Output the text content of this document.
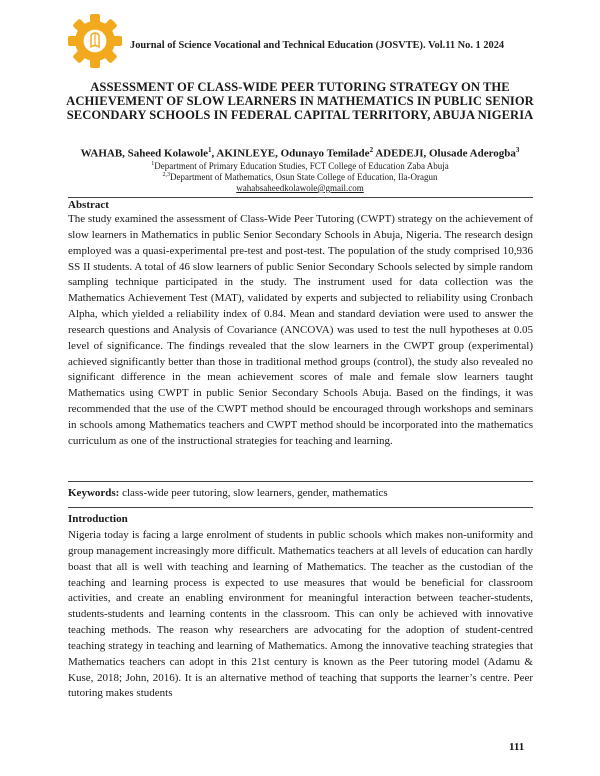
Journal of Science Vocational and Technical Education (JOSVTE). Vol.11 No. 1 2024
ASSESSMENT OF CLASS-WIDE PEER TUTORING STRATEGY ON THE ACHIEVEMENT OF SLOW LEARNERS IN MATHEMATICS IN PUBLIC SENIOR SECONDARY SCHOOLS IN FEDERAL CAPITAL TERRITORY, ABUJA NIGERIA
WAHAB, Saheed Kolawole$^1$, AKINLEYE, Odunayo Temilade$^2$ ADEDEJI, Olusade Aderogba$^3$
$^1$Department of Primary Education Studies, FCT College of Education Zaba Abuja
$^{2,3}$Department of Mathematics, Osun State College of Education, Ila-Oragun
wahabsaheedkolawole@gmail.com
Abstract

The study examined the assessment of Class-Wide Peer Tutoring (CWPT) strategy on the achievement of slow learners in Mathematics in public Senior Secondary Schools in Abuja, Nigeria. The research design employed was a quasi-experimental pre-test and post-test. The population of the study comprised 10,936 SS II students. A total of 46 slow learners of public Senior Secondary Schools selected by simple random sampling technique participated in the study. The instrument used for data collection was the Mathematics Achievement Test (MAT), validated by experts and subjected to reliability using Cronbach Alpha, which yielded a reliability index of 0.84. Mean and standard deviation were used to answer the research questions and Analysis of Covariance (ANCOVA) was used to test the null hypotheses at 0.05 level of significance. The findings revealed that the slow learners in the CWPT group (experimental) achieved significantly better than those in traditional method groups (control), the study also revealed no significant difference in the mean achievement scores of male and female slow learners taught Mathematics using CWPT in public Senior Secondary Schools Abuja. Based on the findings, it was recommended that the use of the CWPT method should be encouraged through workshops and seminars in schools among Mathematics teachers and CWPT method should be incorporated into the mathematics curriculum as one of the instructional strategies for teaching and learning.

Keywords: class-wide peer tutoring, slow learners, gender, mathematics
Introduction

Nigeria today is facing a large enrolment of students in public schools which makes non-uniformity and group management increasingly more difficult. Mathematics teachers at all levels of education can hardly boast that all is well with teaching and learning of Mathematics. The teacher as the custodian of the teaching and learning process is expected to use measures that would be beneficial for classroom activities, and create an enabling environment for meaningful interaction between teacher-students, students-students and learning contents in the classroom. This can only be achieved with innovative teaching methods. The reason why researchers are advocating for the adoption of student-centred teaching strategy in teaching and learning of Mathematics. Among the innovative teaching strategies that Mathematics teachers can adopt in this 21st century is known as the Peer tutoring model (Adamu & Kuse, 2018; John, 2016). It is an alternative method of teaching that supports the learner’s centre. Peer tutoring makes students

111
